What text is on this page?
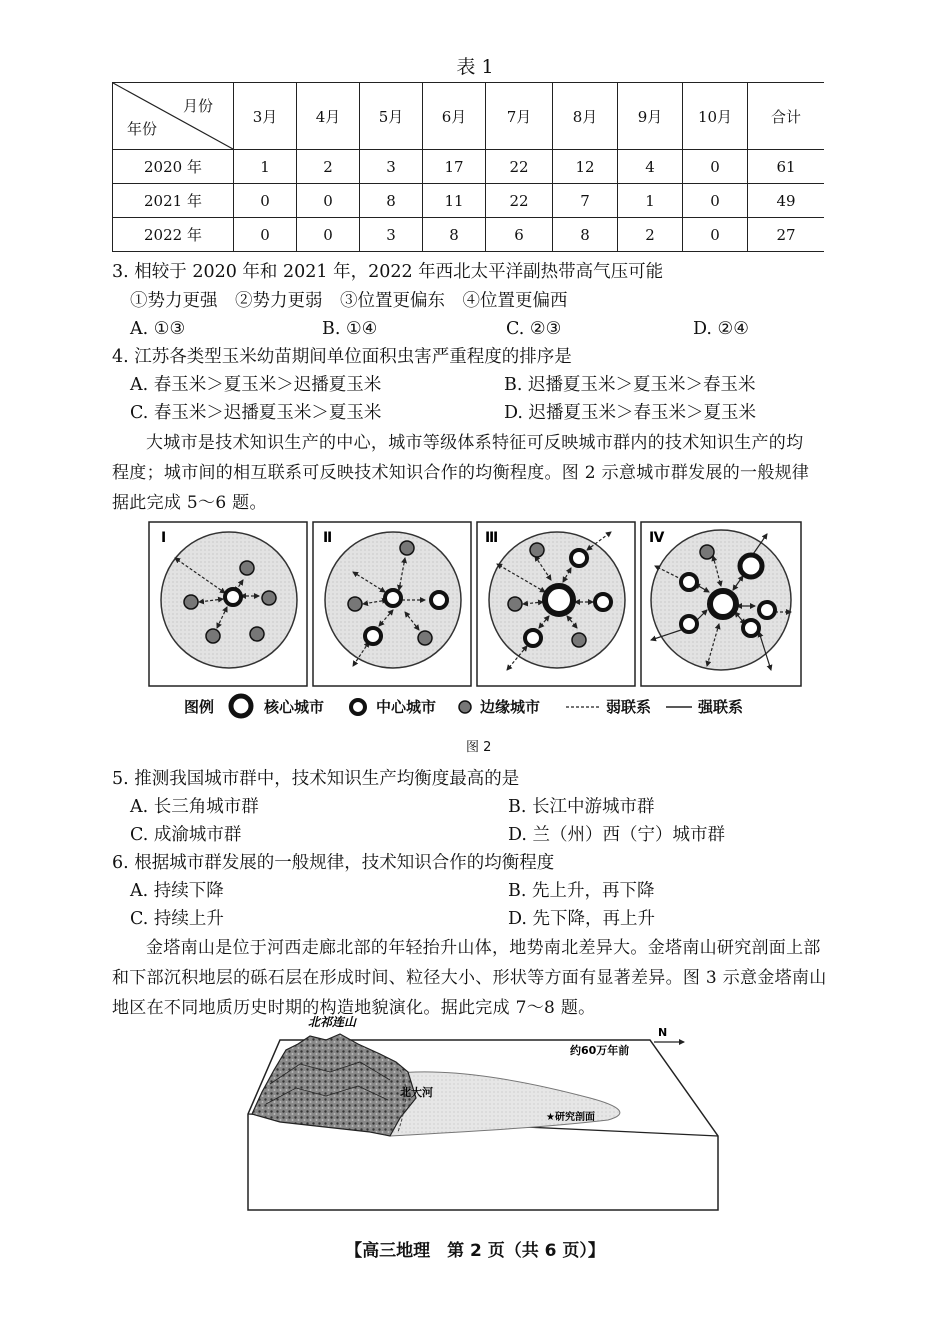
表 1
月份
年份	3月	4月	5月	6月	7月	8月	9月	10月	合计
2020 年	1	2	3	17	22	12	4	0	61
2021 年	0	0	8	11	22	7	1	0	49
2022 年	0	0	3	8	6	8	2	0	27
3. 相较于 2020 年和 2021 年，2022 年西北太平洋副热带高气压可能
①势力更强　②势力更弱　③位置更偏东　④位置更偏西
A. ①③	B. ①④	C. ②③	D. ②④
4. 江苏各类型玉米幼苗期间单位面积虫害严重程度的排序是
A. 春玉米＞夏玉米＞迟播夏玉米	B. 迟播夏玉米＞夏玉米＞春玉米
C. 春玉米＞迟播夏玉米＞夏玉米	D. 迟播夏玉米＞春玉米＞夏玉米
大城市是技术知识生产的中心，城市等级体系特征可反映城市群内的技术知识生产的均
程度；城市间的相互联系可反映技术知识合作的均衡程度。图 2 示意城市群发展的一般规律
据此完成 5～6 题。
Ⅰ	Ⅱ	Ⅲ	Ⅳ
图例	核心城市	中心城市	边缘城市	弱联系	强联系
图 2
5. 推测我国城市群中，技术知识生产均衡度最高的是
A. 长三角城市群	B. 长江中游城市群
C. 成渝城市群	D. 兰（州）西（宁）城市群
6. 根据城市群发展的一般规律，技术知识合作的均衡程度
A. 持续下降	B. 先上升，再下降
C. 持续上升	D. 先下降，再上升
金塔南山是位于河西走廊北部的年轻抬升山体，地势南北差异大。金塔南山研究剖面上部
和下部沉积地层的砾石层在形成时间、粒径大小、形状等方面有显著差异。图 3 示意金塔南山
地区在不同地质历史时期的构造地貌演化。据此完成 7～8 题。
北祁连山
约60万年前
N
北大河
★研究剖面
【高三地理　第 2 页（共 6 页）】
